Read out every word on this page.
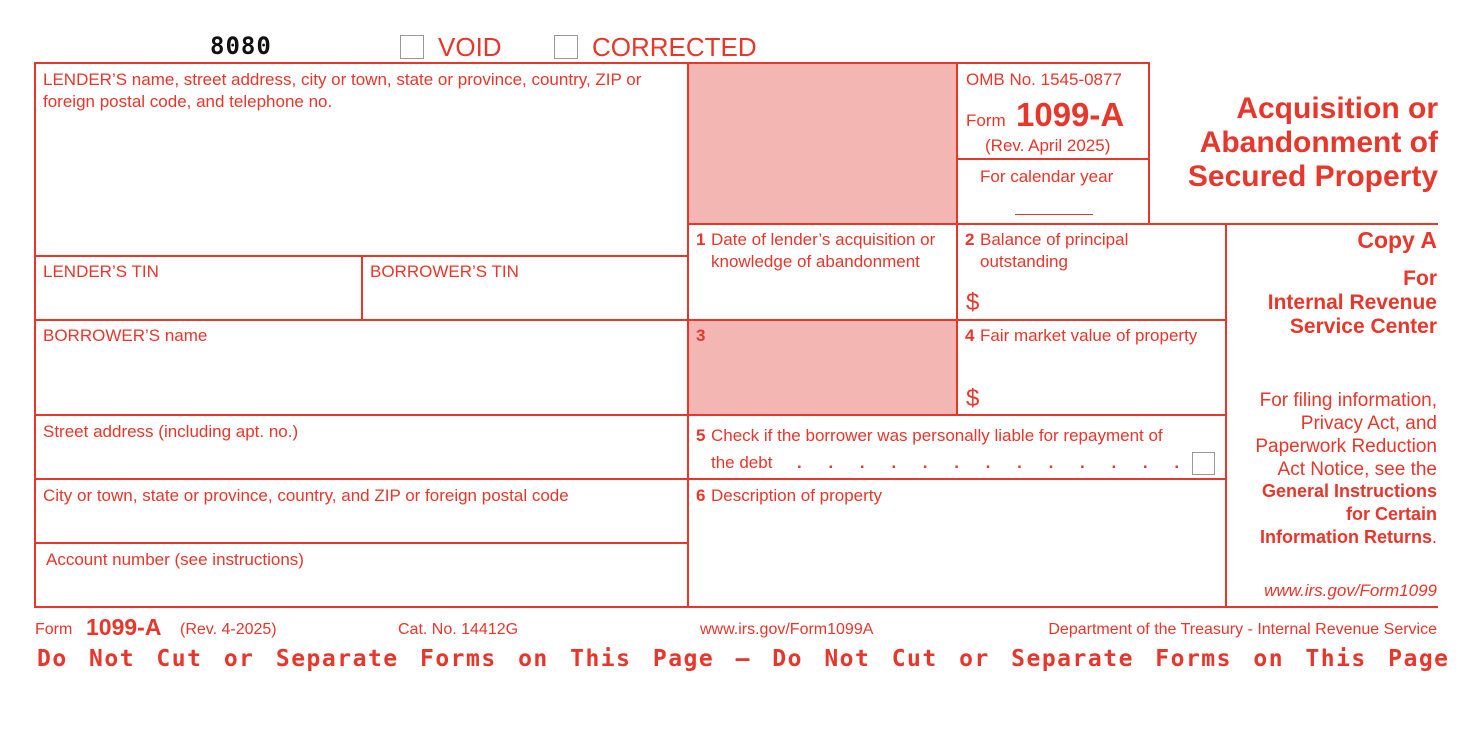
8080	VOID	CORRECTED
LENDER’S name, street address, city or town, state or province, country, ZIP or foreign postal code, and telephone no.
LENDER’S TIN	BORROWER’S TIN
BORROWER’S name
Street address (including apt. no.)
City or town, state or province, country, and ZIP or foreign postal code
Account number (see instructions)
1 Date of lender’s acquisition or knowledge of abandonment
2 Balance of principal outstanding
$
3	4 Fair market value of property
$
5 Check if the borrower was personally liable for repayment of
the debt . . . . . . . . . . . . .
6 Description of property
OMB No. 1545-0877
Form 1099-A
(Rev. April 2025)
For calendar year
Acquisition or
Abandonment of
Secured Property
Copy A
For
Internal Revenue
Service Center
For filing information,
Privacy Act, and
Paperwork Reduction
Act Notice, see the
General Instructions
for Certain
Information Returns.
www.irs.gov/Form1099
Form 1099-A (Rev. 4-2025)	Cat. No. 14412G	www.irs.gov/Form1099A	Department of the Treasury - Internal Revenue Service
Do Not Cut or Separate Forms on This Page — Do Not Cut or Separate Forms on This Page
